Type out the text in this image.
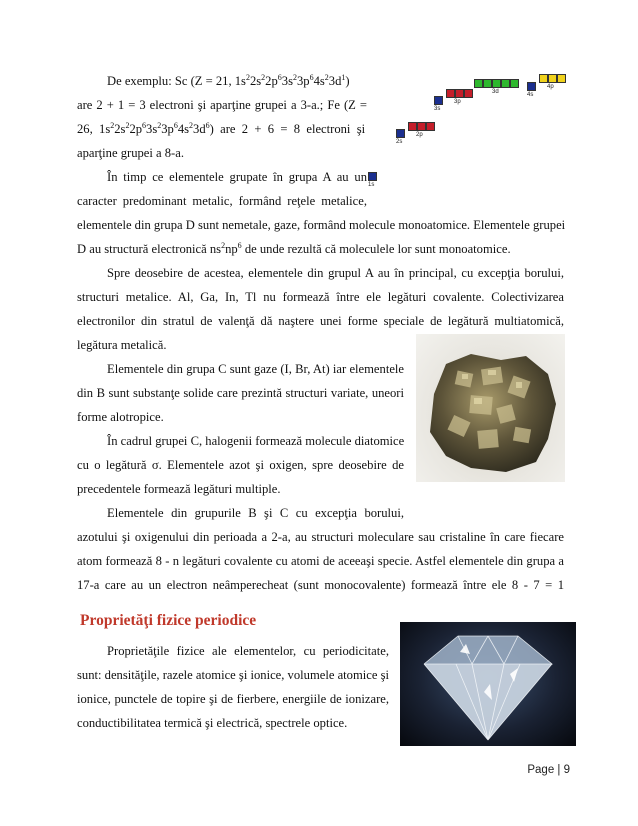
De exemplu: Sc (Z = 21, $1s^22s^22p^63s^23p^64s^23d^1$)
are 2 + 1 = 3 electroni şi aparţine grupei a 3-a.; Fe (Z =
26,  $1s^22s^22p^63s^23p^64s^23d^6$)  are  2  +  6  =  8  electroni  şi
aparţine grupei a 8-a.
În timp ce elementele grupate în grupa A au un
caracter predominant metalic, formând reţele metalice,
elementele din grupa D sunt nemetale, gaze, formând molecule monoatomice. Elementele grupei
D au structură electronică $ns^2np^6$ de unde rezultă că moleculele lor sunt monoatomice.
Spre deosebire de acestea, elementele din grupul A au în principal, cu excepţia borului,
structuri metalice. Al, Ga, In, Tl nu formează între ele legături covalente. Colectivizarea
electronilor din stratul de valenţă dă naştere unei forme speciale de legătură multiatomică,
legătura metalică.
Elementele din grupa C sunt gaze (I, Br, At) iar elementele
din B sunt substanţe solide care prezintă structuri variate, uneori
forme alotropice.
În cadrul grupei C, halogenii formează molecule diatomice
cu o legătură σ. Elementele azot şi oxigen, spre deosebire de
precedentele formează legături multiple.
Elementele din grupurile B şi C cu excepţia borului,
azotului şi oxigenului din perioada a 2-a, au structuri moleculare sau cristaline în care fiecare
atom formează 8 - n legături covalente cu atomi de aceeaşi specie. Astfel elementele din grupa a
17-a care au un electron neâmperecheat (sunt monocovalente) formează între ele 8 - 7 = 1
Proprietăţi fizice periodice
Proprietăţile fizice ale elementelor, cu periodicitate,
sunt: densităţile, razele atomice şi ionice, volumele atomice şi
ionice, punctele de topire şi de fierbere, energiile de ionizare,
conductibilitatea termică şi electrică, spectrele optice.
1s
2s
2p
3s
3p
3d	4s
4p
Page | 9
